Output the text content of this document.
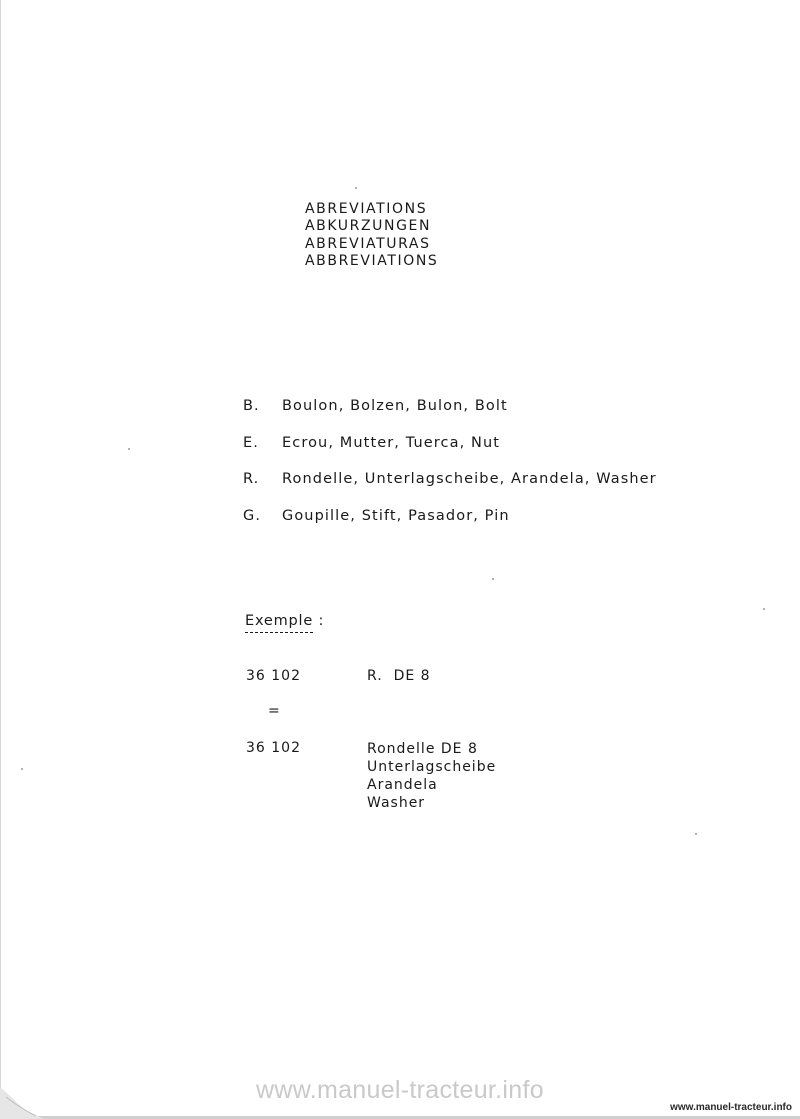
ABREVIATIONS
ABKURZUNGEN
ABREVIATURAS
ABBREVIATIONS
B. Boulon, Bolzen, Bulon, Bolt
E. Ecrou, Mutter, Tuerca, Nut
R. Rondelle, Unterlagscheibe, Arandela, Washer
G. Goupille, Stift, Pasador, Pin
Exemple :
36 102	R.  DE 8
=
36 102	Rondelle DE 8
Unterlagscheibe
Arandela
Washer
www.manuel-tracteur.info
www.manuel-tracteur.info
